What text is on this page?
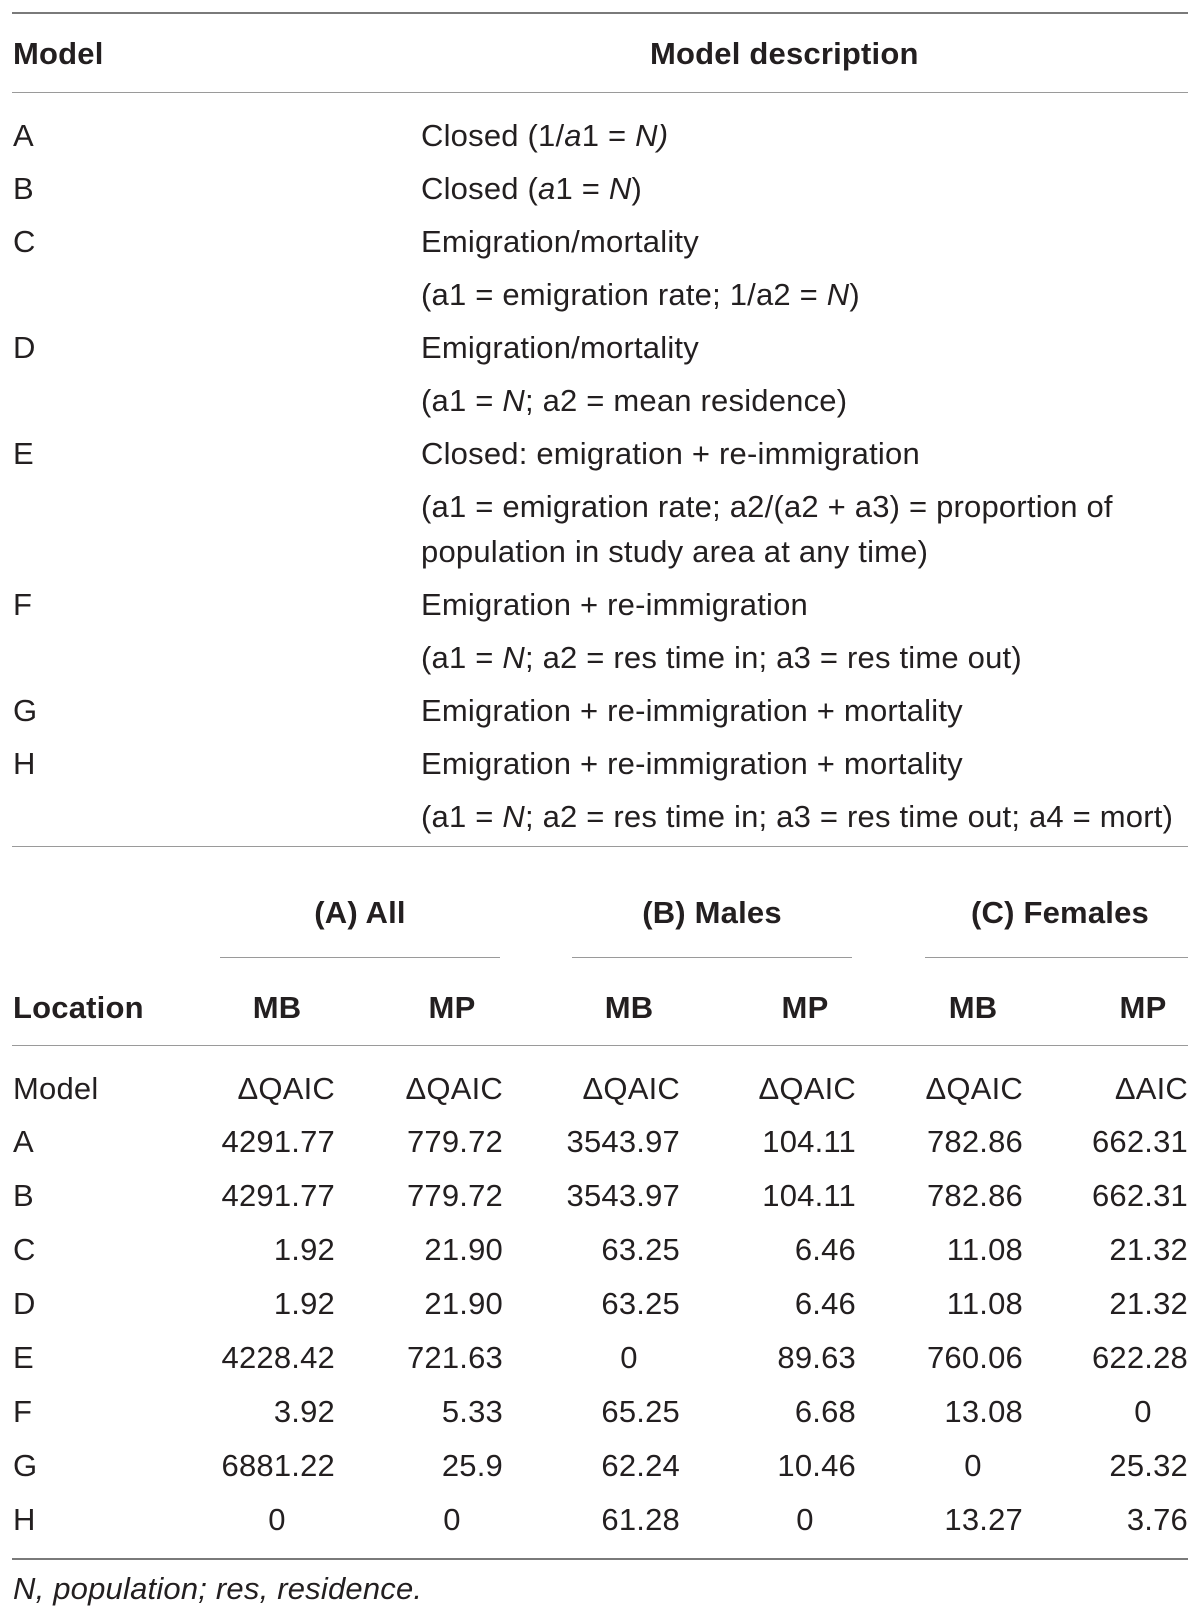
Model	Model description
A	Closed (1/a1 = N)
B	Closed (a1 = N)
C	Emigration/mortality
(a1 = emigration rate; 1/a2 = N)
D	Emigration/mortality
(a1 = N; a2 = mean residence)
E	Closed: emigration + re-immigration
(a1 = emigration rate; a2/(a2 + a3) = proportion of
population in study area at any time)
F	Emigration + re-immigration
(a1 = N; a2 = res time in; a3 = res time out)
G	Emigration + re-immigration + mortality
H	Emigration + re-immigration + mortality
(a1 = N; a2 = res time in; a3 = res time out; a4 = mort)
(A) All	(B) Males	(C) Females
Location	MB	MP	MB	MP	MB	MP
Model	ΔQAIC	ΔQAIC	ΔQAIC	ΔQAIC	ΔQAIC	ΔAIC
A	4291.77	779.72	3543.97	104.11	782.86	662.31
B	4291.77	779.72	3543.97	104.11	782.86	662.31
C	1.92	21.90	63.25	6.46	11.08	21.32
D	1.92	21.90	63.25	6.46	11.08	21.32
E	4228.42	721.63	0	89.63	760.06	622.28
F	3.92	5.33	65.25	6.68	13.08	0
G	6881.22	25.9	62.24	10.46	0	25.32
H	0	0	61.28	0	13.27	3.76
N, population; res, residence.
